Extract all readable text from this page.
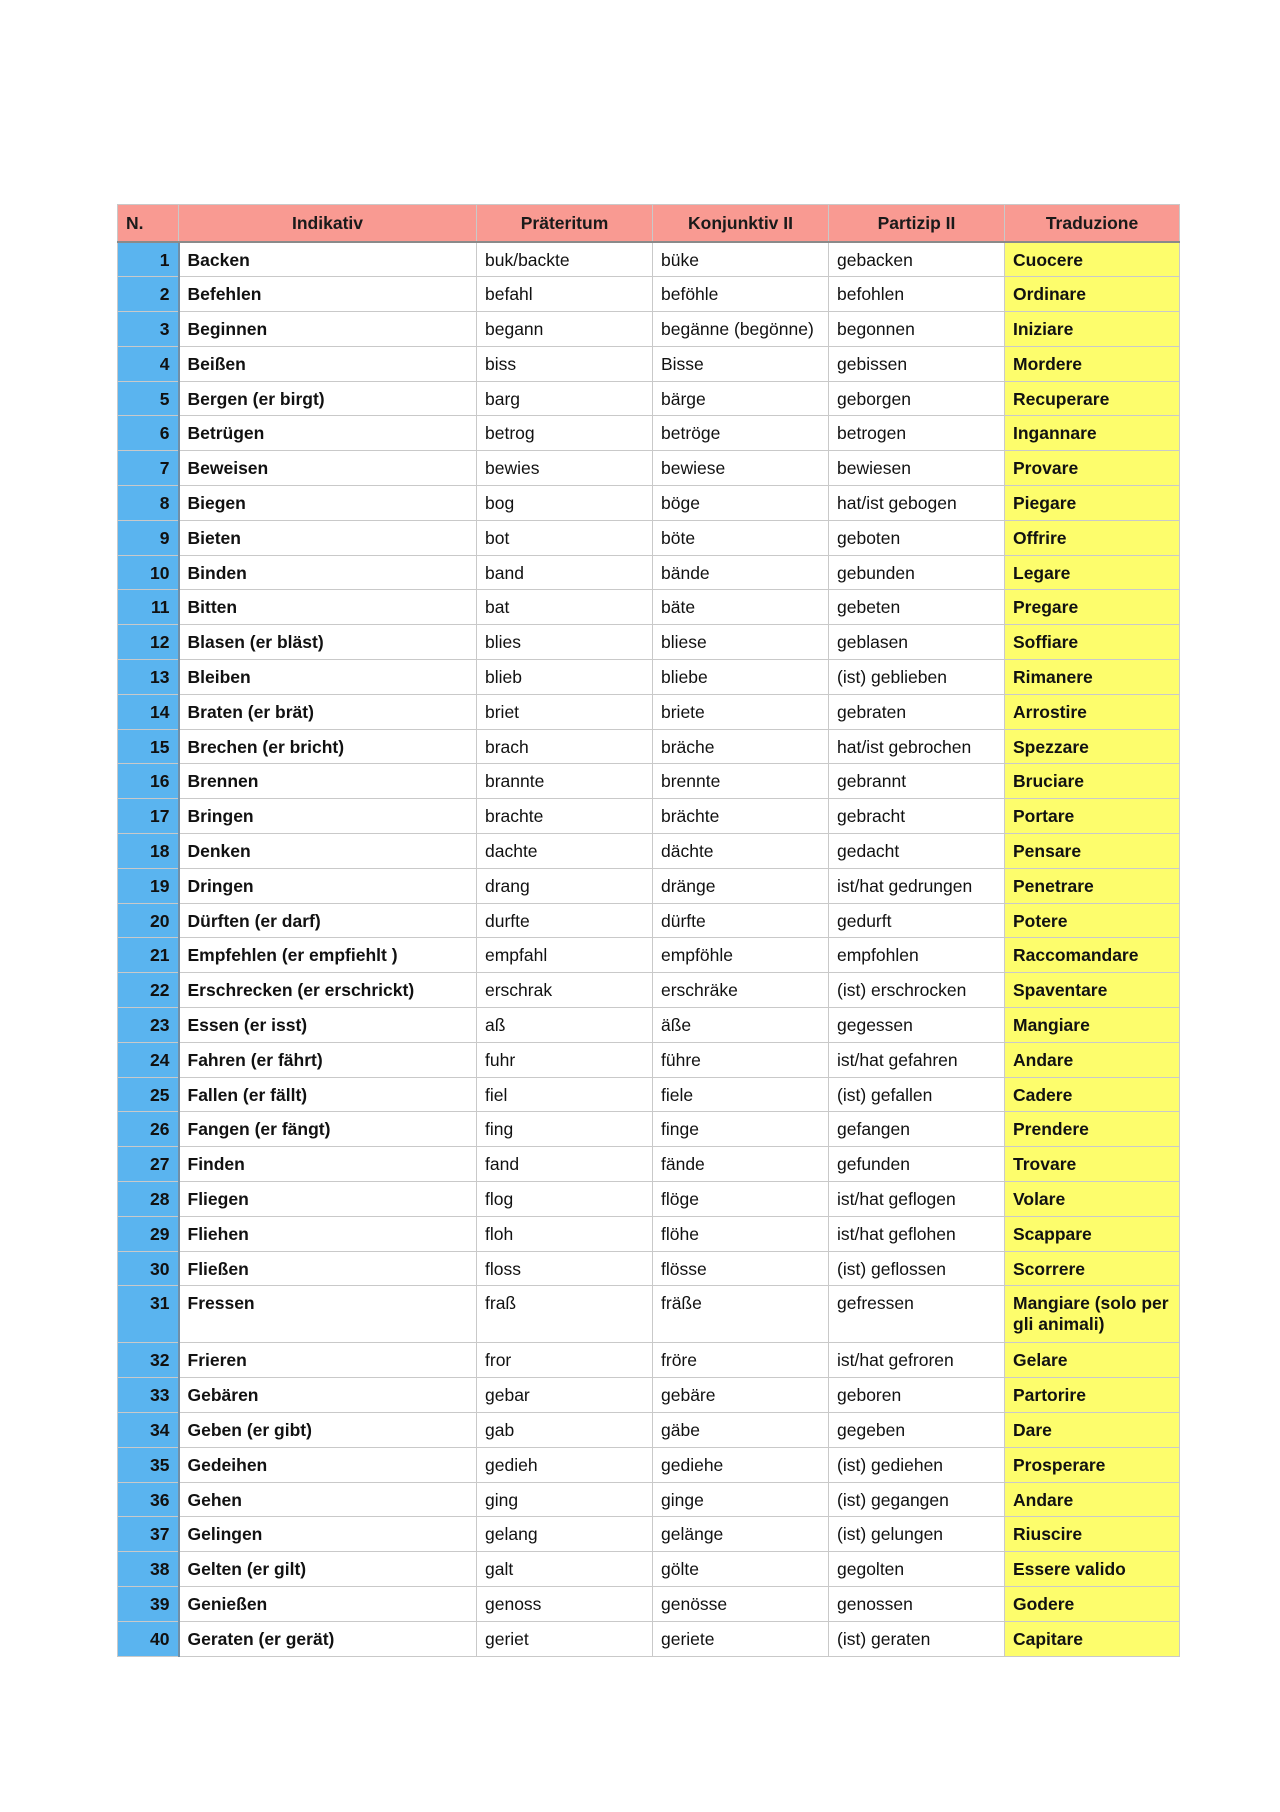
N.	Indikativ	Präteritum	Konjunktiv II	Partizip II	Traduzione
1	Backen	buk/backte	büke	gebacken	Cuocere
2	Befehlen	befahl	beföhle	befohlen	Ordinare
3	Beginnen	begann	begänne (begönne)	begonnen	Iniziare
4	Beißen	biss	Bisse	gebissen	Mordere
5	Bergen (er birgt)	barg	bärge	geborgen	Recuperare
6	Betrügen	betrog	betröge	betrogen	Ingannare
7	Beweisen	bewies	bewiese	bewiesen	Provare
8	Biegen	bog	böge	hat/ist gebogen	Piegare
9	Bieten	bot	böte	geboten	Offrire
10	Binden	band	bände	gebunden	Legare
11	Bitten	bat	bäte	gebeten	Pregare
12	Blasen (er bläst)	blies	bliese	geblasen	Soffiare
13	Bleiben	blieb	bliebe	(ist) geblieben	Rimanere
14	Braten (er brät)	briet	briete	gebraten	Arrostire
15	Brechen (er bricht)	brach	bräche	hat/ist gebrochen	Spezzare
16	Brennen	brannte	brennte	gebrannt	Bruciare
17	Bringen	brachte	brächte	gebracht	Portare
18	Denken	dachte	dächte	gedacht	Pensare
19	Dringen	drang	dränge	ist/hat gedrungen	Penetrare
20	Dürften (er darf)	durfte	dürfte	gedurft	Potere
21	Empfehlen (er empfiehlt )	empfahl	empföhle	empfohlen	Raccomandare
22	Erschrecken (er erschrickt)	erschrak	erschräke	(ist) erschrocken	Spaventare
23	Essen (er isst)	aß	äße	gegessen	Mangiare
24	Fahren (er fährt)	fuhr	führe	ist/hat gefahren	Andare
25	Fallen (er fällt)	fiel	fiele	(ist) gefallen	Cadere
26	Fangen (er fängt)	fing	finge	gefangen	Prendere
27	Finden	fand	fände	gefunden	Trovare
28	Fliegen	flog	flöge	ist/hat geflogen	Volare
29	Fliehen	floh	flöhe	ist/hat geflohen	Scappare
30	Fließen	floss	flösse	(ist) geflossen	Scorrere
31	Fressen	fraß	fräße	gefressen	Mangiare (solo per gli animali)
32	Frieren	fror	fröre	ist/hat gefroren	Gelare
33	Gebären	gebar	gebäre	geboren	Partorire
34	Geben (er gibt)	gab	gäbe	gegeben	Dare
35	Gedeihen	gedieh	gediehe	(ist) gediehen	Prosperare
36	Gehen	ging	ginge	(ist) gegangen	Andare
37	Gelingen	gelang	gelänge	(ist) gelungen	Riuscire
38	Gelten (er gilt)	galt	gölte	gegolten	Essere valido
39	Genießen	genoss	genösse	genossen	Godere
40	Geraten (er gerät)	geriet	geriete	(ist) geraten	Capitare
